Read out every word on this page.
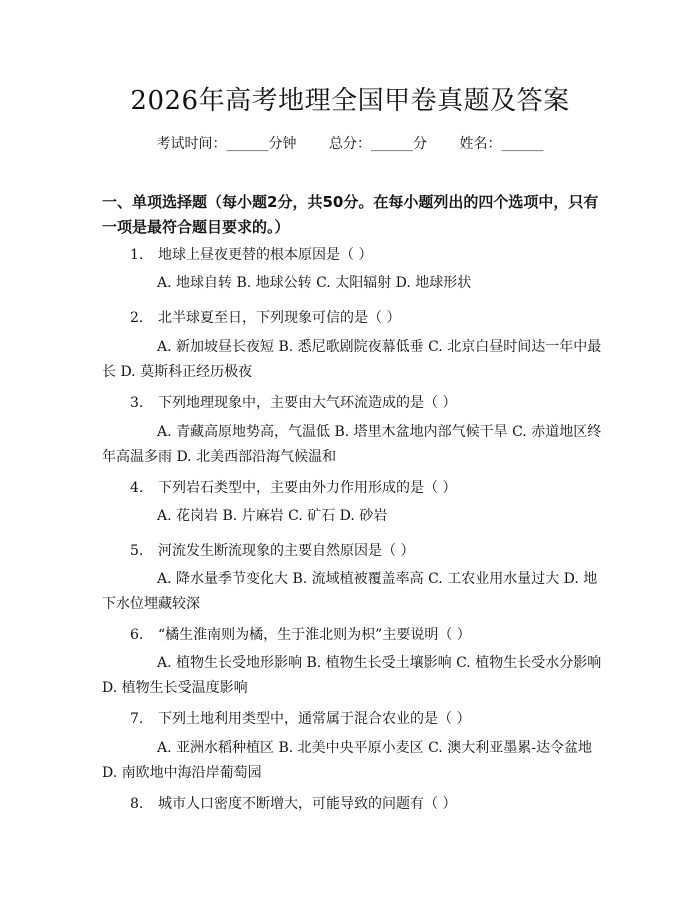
2026年高考地理全国甲卷真题及答案
考试时间：______分钟 总分：______分 姓名：______
一、单项选择题（每小题2分，共50分。在每小题列出的四个选项中，只有一项是最符合题目要求的。）
1. 地球上昼夜更替的根本原因是（ ）
A. 地球自转 B. 地球公转 C. 太阳辐射 D. 地球形状
2. 北半球夏至日，下列现象可信的是（ ）
A. 新加坡昼长夜短 B. 悉尼歌剧院夜幕低垂 C. 北京白昼时间达一年中最长 D. 莫斯科正经历极夜
3. 下列地理现象中，主要由大气环流造成的是（ ）
A. 青藏高原地势高，气温低 B. 塔里木盆地内部气候干旱 C. 赤道地区终年高温多雨 D. 北美西部沿海气候温和
4. 下列岩石类型中，主要由外力作用形成的是（ ）
A. 花岗岩 B. 片麻岩 C. 矿石 D. 砂岩
5. 河流发生断流现象的主要自然原因是（ ）
A. 降水量季节变化大 B. 流域植被覆盖率高 C. 工农业用水量过大 D. 地下水位埋藏较深
6. “橘生淮南则为橘，生于淮北则为枳”主要说明（ ）
A. 植物生长受地形影响 B. 植物生长受土壤影响 C. 植物生长受水分影响 D. 植物生长受温度影响
7. 下列土地利用类型中，通常属于混合农业的是（ ）
A. 亚洲水稻种植区 B. 北美中央平原小麦区 C. 澳大利亚墨累-达令盆地 D. 南欧地中海沿岸葡萄园
8. 城市人口密度不断增大，可能导致的问题有（ ）
